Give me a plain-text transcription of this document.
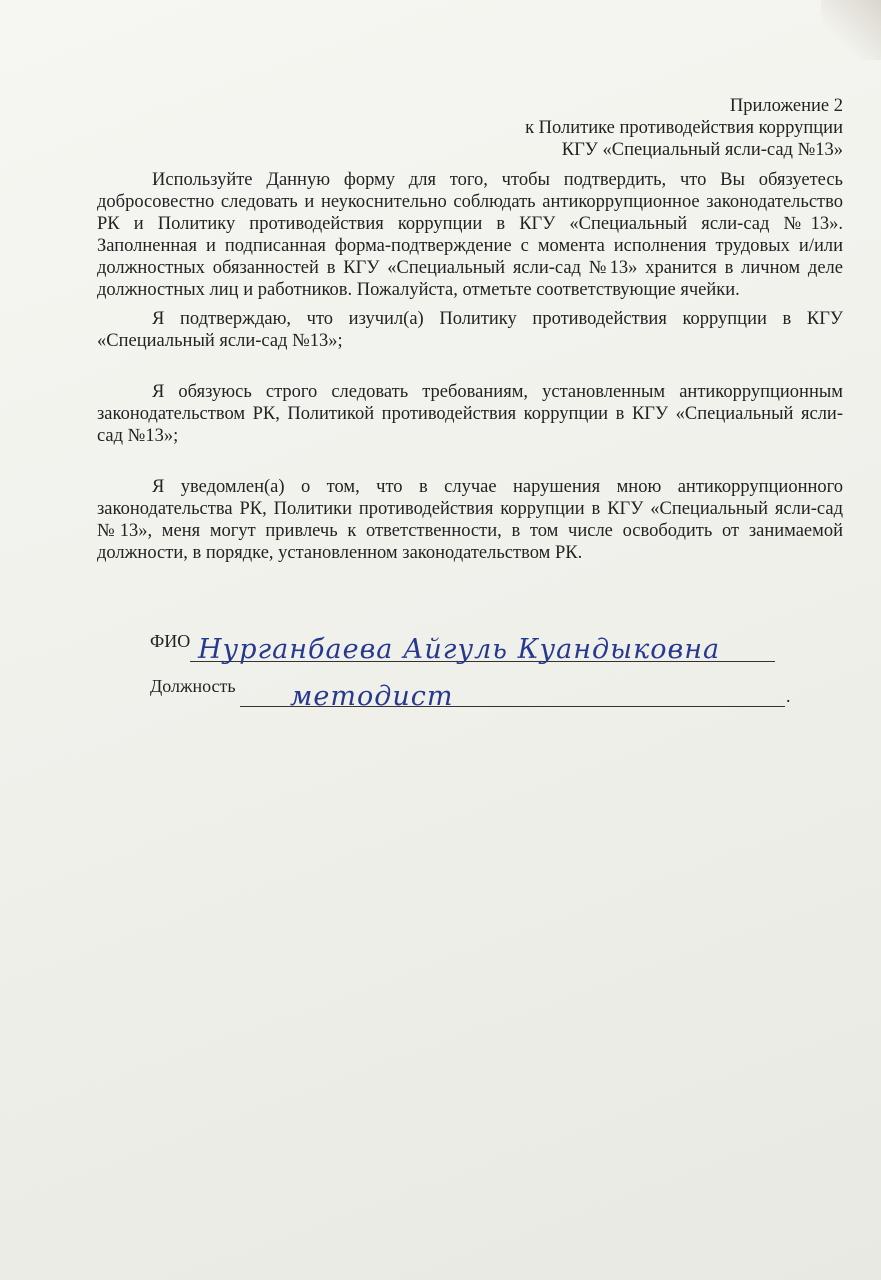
Приложение 2
к Политике противодействия коррупции
КГУ «Специальный ясли-сад №13»

Используйте Данную форму для того, чтобы подтвердить, что Вы обязуетесь добросовестно следовать и неукоснительно соблюдать антикоррупционное законодательство РК и Политику противодействия коррупции в КГУ «Специальный ясли-сад №13». Заполненная и подписанная форма-подтверждение с момента исполнения трудовых и/или должностных обязанностей в КГУ «Специальный ясли-сад №13» хранится в личном деле должностных лиц и работников. Пожалуйста, отметьте соответствующие ячейки.

Я подтверждаю, что изучил(а) Политику противодействия коррупции в КГУ «Специальный ясли-сад №13»;

Я обязуюсь строго следовать требованиям, установленным антикоррупционным законодательством РК, Политикой противодействия коррупции в КГУ «Специальный ясли-сад №13»;

Я уведомлен(а) о том, что в случае нарушения мною антикоррупционного законодательства РК, Политики противодействия коррупции в КГУ «Специальный ясли-сад №13», меня могут привлечь к ответственности, в том числе освободить от занимаемой должности, в порядке, установленном законодательством РК.

ФИО Нурганбаева Айгуль Куандыковна
Должность методист	.
